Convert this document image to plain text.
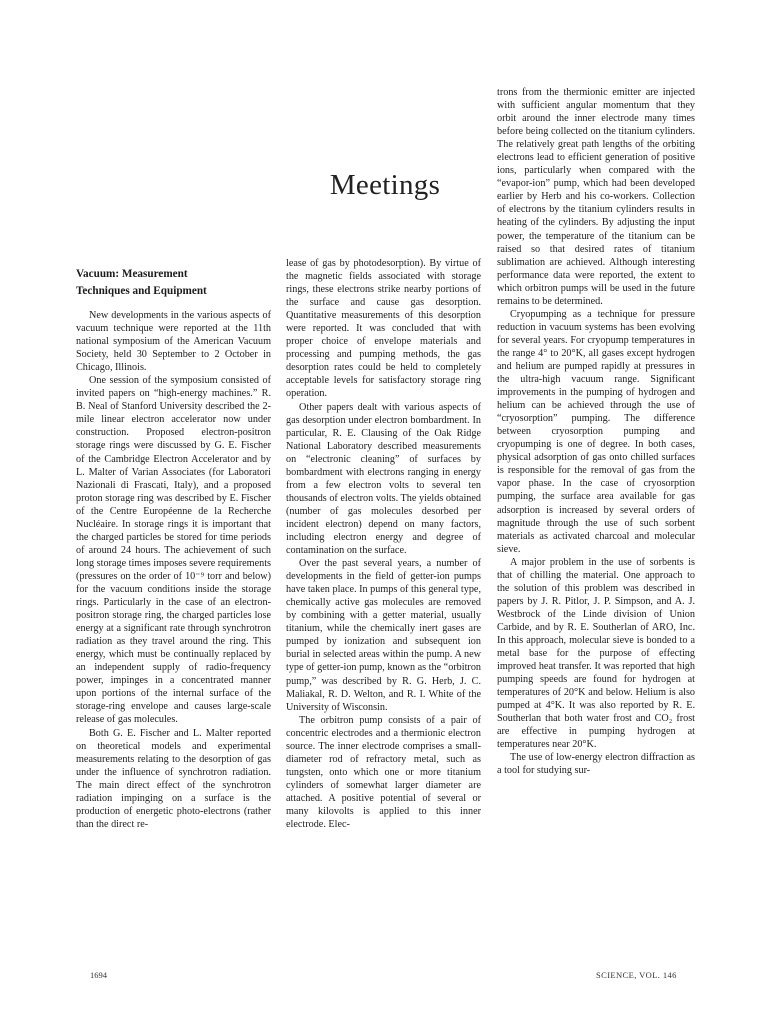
Meetings
Vacuum: Measurement
Techniques and Equipment

New developments in the various aspects of vacuum technique were reported at the 11th national symposium of the American Vacuum Society, held 30 September to 2 October in Chicago, Illinois.

One session of the symposium consisted of invited papers on “high-energy machines.” R. B. Neal of Stanford University described the 2-mile linear electron accelerator now under construction. Proposed electron-positron storage rings were discussed by G. E. Fischer of the Cambridge Electron Accelerator and by L. Malter of Varian Associates (for Laboratori Nazionali di Frascati, Italy), and a proposed proton storage ring was described by E. Fischer of the Centre Européenne de la Recherche Nucléaire. In storage rings it is important that the charged particles be stored for time periods of around 24 hours. The achievement of such long storage times imposes severe requirements (pressures on the order of 10⁻⁹ torr and below) for the vacuum conditions inside the storage rings. Particularly in the case of an electron-positron storage ring, the charged particles lose energy at a significant rate through synchrotron radiation as they travel around the ring. This energy, which must be continually replaced by an independent supply of radio-frequency power, impinges in a concentrated manner upon portions of the internal surface of the storage-ring envelope and causes large-scale release of gas molecules.

Both G. E. Fischer and L. Malter reported on theoretical models and experimental measurements relating to the desorption of gas under the influence of synchrotron radiation. The main direct effect of the synchrotron radiation impinging on a surface is the production of energetic photo-electrons (rather than the direct re-

lease of gas by photodesorption). By virtue of the magnetic fields associated with storage rings, these electrons strike nearby portions of the surface and cause gas desorption. Quantitative measurements of this desorption were reported. It was concluded that with proper choice of envelope materials and processing and pumping methods, the gas desorption rates could be held to completely acceptable levels for satisfactory storage ring operation.

Other papers dealt with various aspects of gas desorption under electron bombardment. In particular, R. E. Clausing of the Oak Ridge National Laboratory described measurements on “electronic cleaning” of surfaces by bombardment with electrons ranging in energy from a few electron volts to several ten thousands of electron volts. The yields obtained (number of gas molecules desorbed per incident electron) depend on many factors, including electron energy and degree of contamination on the surface.

Over the past several years, a number of developments in the field of getter-ion pumps have taken place. In pumps of this general type, chemically active gas molecules are removed by combining with a getter material, usually titanium, while the chemically inert gases are pumped by ionization and subsequent ion burial in selected areas within the pump. A new type of getter-ion pump, known as the “orbitron pump,” was described by R. G. Herb, J. C. Maliakal, R. D. Welton, and R. I. White of the University of Wisconsin.

The orbitron pump consists of a pair of concentric electrodes and a thermionic electron source. The inner electrode comprises a small-diameter rod of refractory metal, such as tungsten, onto which one or more titanium cylinders of somewhat larger diameter are attached. A positive potential of several or many kilovolts is applied to this inner electrode. Elec-

trons from the thermionic emitter are injected with sufficient angular momentum that they orbit around the inner electrode many times before being collected on the titanium cylinders. The relatively great path lengths of the orbiting electrons lead to efficient generation of positive ions, particularly when compared with the “evapor-ion” pump, which had been developed earlier by Herb and his co-workers. Collection of electrons by the titanium cylinders results in heating of the cylinders. By adjusting the input power, the temperature of the titanium can be raised so that desired rates of titanium sublimation are achieved. Although interesting performance data were reported, the extent to which orbitron pumps will be used in the future remains to be determined.

Cryopumping as a technique for pressure reduction in vacuum systems has been evolving for several years. For cryopump temperatures in the range 4° to 20°K, all gases except hydrogen and helium are pumped rapidly at pressures in the ultra-high vacuum range. Significant improvements in the pumping of hydrogen and helium can be achieved through the use of “cryosorption” pumping. The difference between cryosorption pumping and cryopumping is one of degree. In both cases, physical adsorption of gas onto chilled surfaces is responsible for the removal of gas from the vapor phase. In the case of cryosorption pumping, the surface area available for gas adsorption is increased by several orders of magnitude through the use of such sorbent materials as activated charcoal and molecular sieve.

A major problem in the use of sorbents is that of chilling the material. One approach to the solution of this problem was described in papers by J. R. Pitlor, J. P. Simpson, and A. J. Westbrock of the Linde division of Union Carbide, and by R. E. Southerlan of ARO, Inc. In this approach, molecular sieve is bonded to a metal base for the purpose of effecting improved heat transfer. It was reported that high pumping speeds are found for hydrogen at temperatures of 20°K and below. Helium is also pumped at 4°K. It was also reported by R. E. Southerlan that both water frost and CO₂ frost are effective in pumping hydrogen at temperatures near 20°K.

The use of low-energy electron diffraction as a tool for studying sur-

1694	SCIENCE, VOL. 146
